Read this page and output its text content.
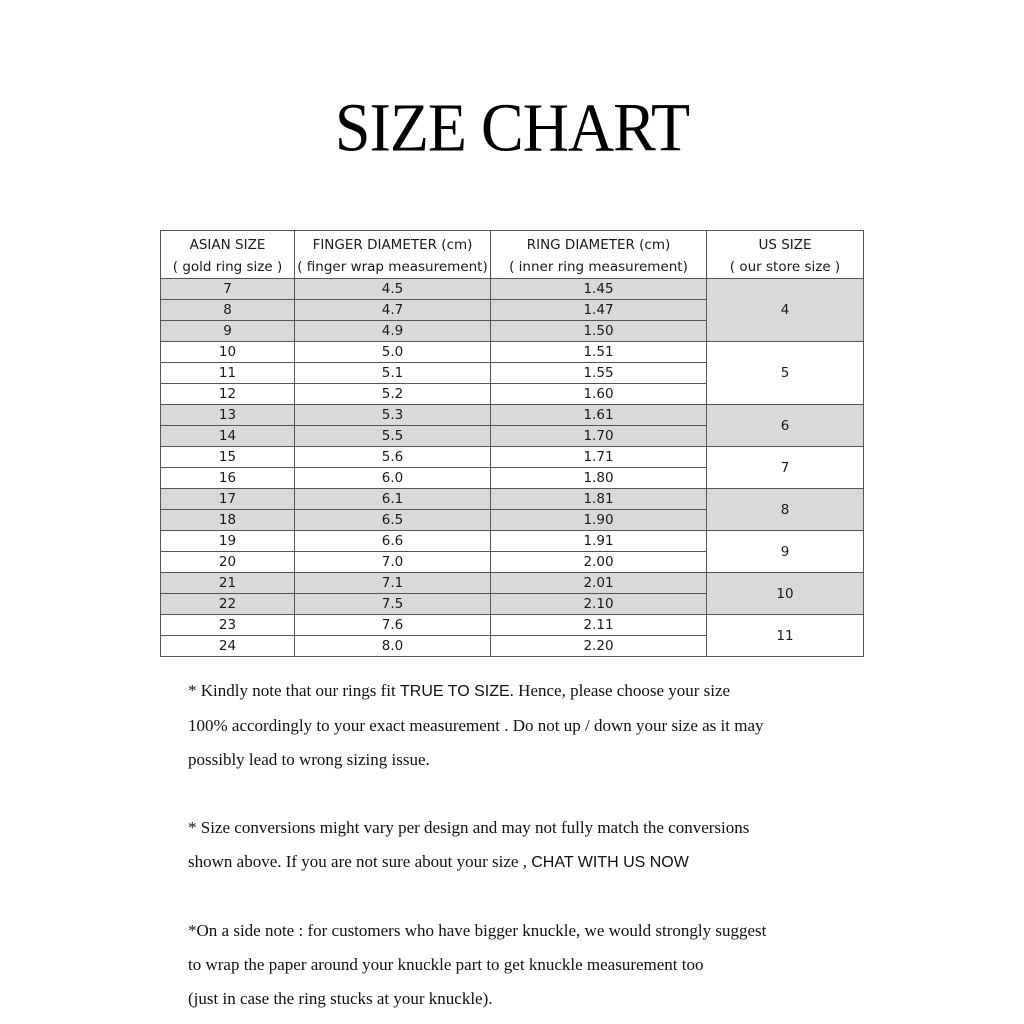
SIZE CHART
ASIAN SIZE	FINGER DIAMETER (cm)	RING DIAMETER (cm)	US SIZE
( gold ring size )	( finger wrap measurement)	( inner ring measurement)	( our store size )
7	4.5	1.45	4
8	4.7	1.47	
9	4.9	1.50	
10	5.0	1.51	5
11	5.1	1.55	
12	5.2	1.60	
13	5.3	1.61	6
14	5.5	1.70	
15	5.6	1.71	7
16	6.0	1.80	
17	6.1	1.81	8
18	6.5	1.90	
19	6.6	1.91	9
20	7.0	2.00	
21	7.1	2.01	10
22	7.5	2.10	
23	7.6	2.11	11
24	8.0	2.20	

* Kindly note that our rings fit TRUE TO SIZE. Hence, please choose your size

100% accordingly to your exact measurement . Do not up / down your size as it may

possibly lead to wrong sizing issue.

* Size conversions might vary per design and may not fully match the conversions

shown above. If you are not sure about your size , CHAT WITH US NOW

*On a side note : for customers who have bigger knuckle, we would strongly suggest

to wrap the paper around your knuckle part to get knuckle measurement too

(just in case the ring stucks at your knuckle).
